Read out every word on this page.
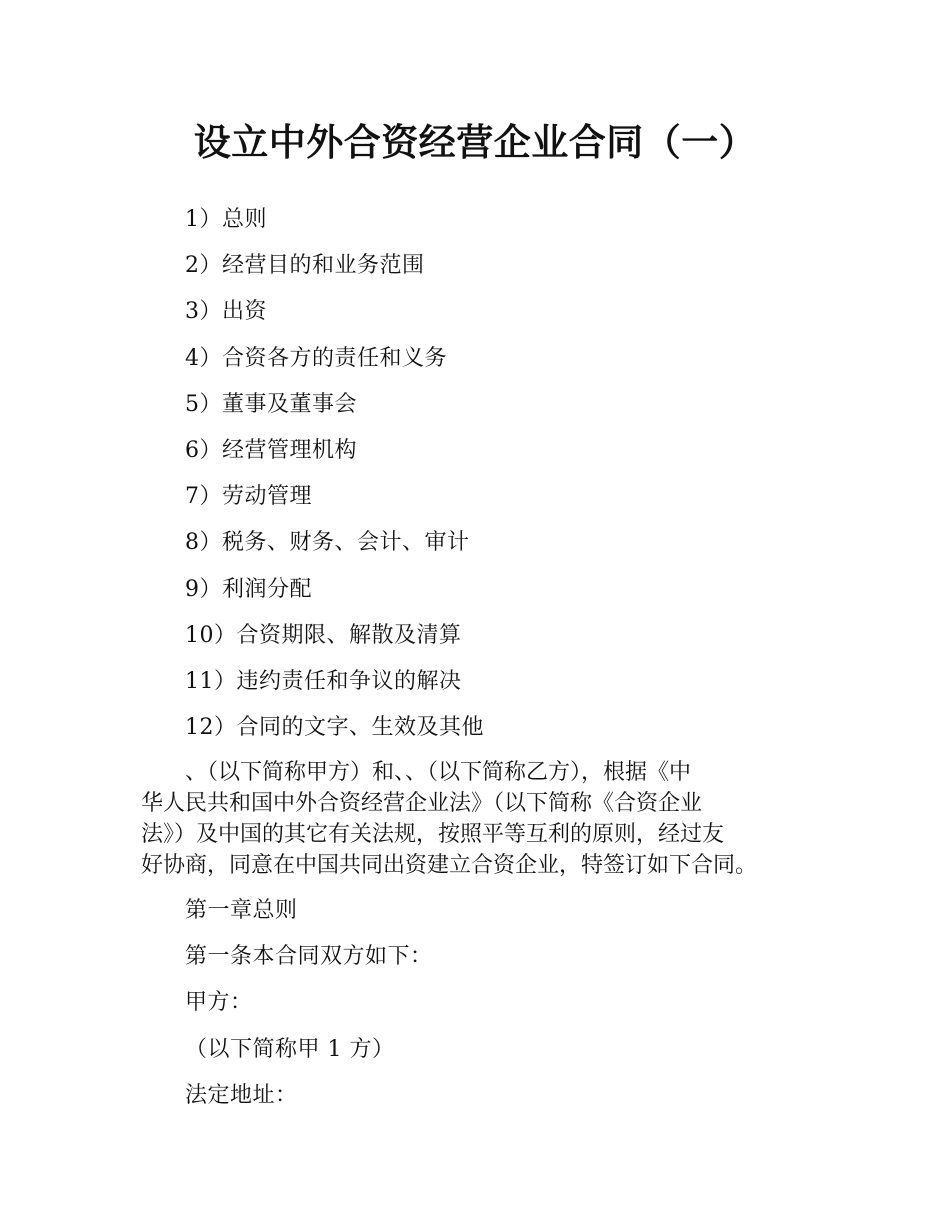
设立中外合资经营企业合同（一）
1）总则
2）经营目的和业务范围
3）出资
4）合资各方的责任和义务
5）董事及董事会
6）经营管理机构
7）劳动管理
8）税务、财务、会计、审计
9）利润分配
10）合资期限、解散及清算
11）违约责任和争议的解决
12）合同的文字、生效及其他

、（以下简称甲方）和、、（以下简称乙方），根据《中
华人民共和国中外合资经营企业法》（以下简称《合资企业
法》）及中国的其它有关法规，按照平等互利的原则，经过友
好协商，同意在中国共同出资建立合资企业，特签订如下合同。

第一章总则
第一条本合同双方如下：
甲方：
（以下简称甲 1 方）
法定地址：
